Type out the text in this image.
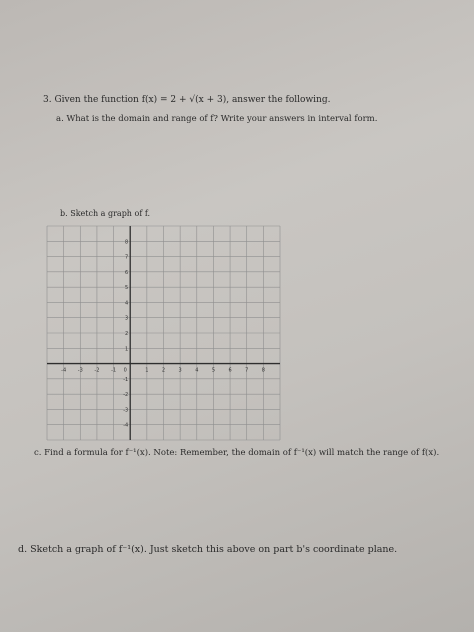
3. Given the function f(x) = 2 + √(x + 3), answer the following.
a. What is the domain and range of f? Write your answers in interval form.
b. Sketch a graph of f.
-4 -3 -2 -1 0	1	2	3	4	5	6	7	8
8
7
6
5
4
3
2
1
-1
-2
-3
-4
c. Find a formula for f⁻¹(x). Note: Remember, the domain of f⁻¹(x) will match the range of f(x).
d. Sketch a graph of f⁻¹(x). Just sketch this above on part b's coordinate plane.
